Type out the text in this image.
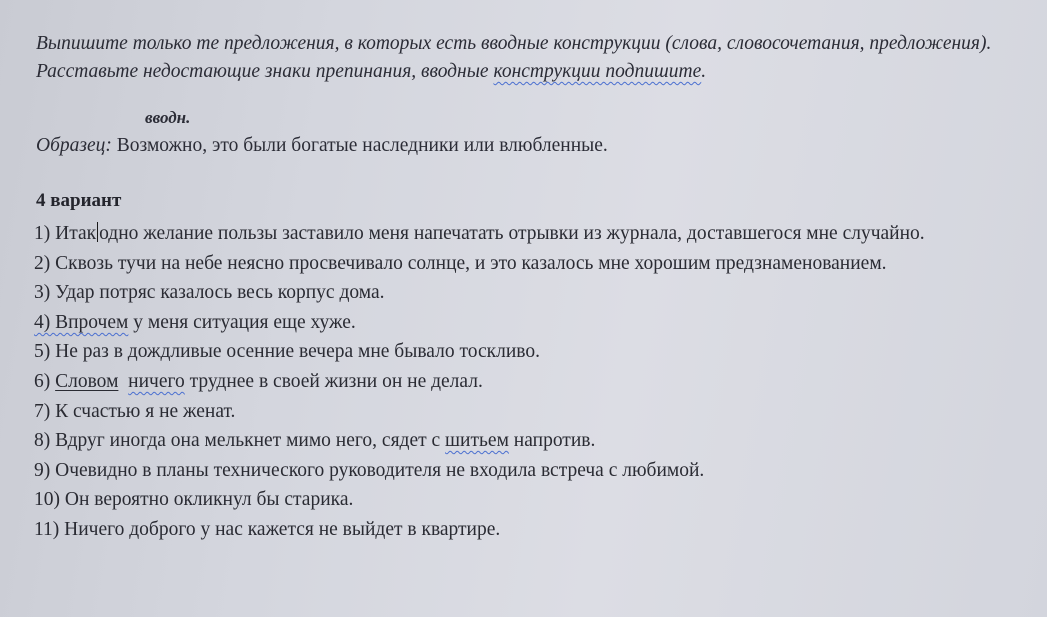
Выпишите только те предложения, в которых есть вводные конструкции (слова, словосочетания, предложения). Расставьте недостающие знаки препинания, вводные конструкции подпишите.
вводн.
Образец: Возможно, это были богатые наследники или влюбленные.
4 вариант
1) Итак одно желание пользы заставило меня напечатать отрывки из журнала, доставшегося мне случайно.
2) Сквозь тучи на небе неясно просвечивало солнце, и это казалось мне хорошим предзнаменованием.
3) Удар потряс казалось весь корпус дома.
4) Впрочем у меня ситуация еще хуже.
5) Не раз в дождливые осенние вечера мне бывало тоскливо.
6) Словом ничего труднее в своей жизни он не делал.
7) К счастью я не женат.
8) Вдруг иногда она мелькнет мимо него, сядет с шитьем напротив.
9) Очевидно в планы технического руководителя не входила встреча с любимой.
10) Он вероятно окликнул бы старика.
11) Ничего доброго у нас кажется не выйдет в квартире.
